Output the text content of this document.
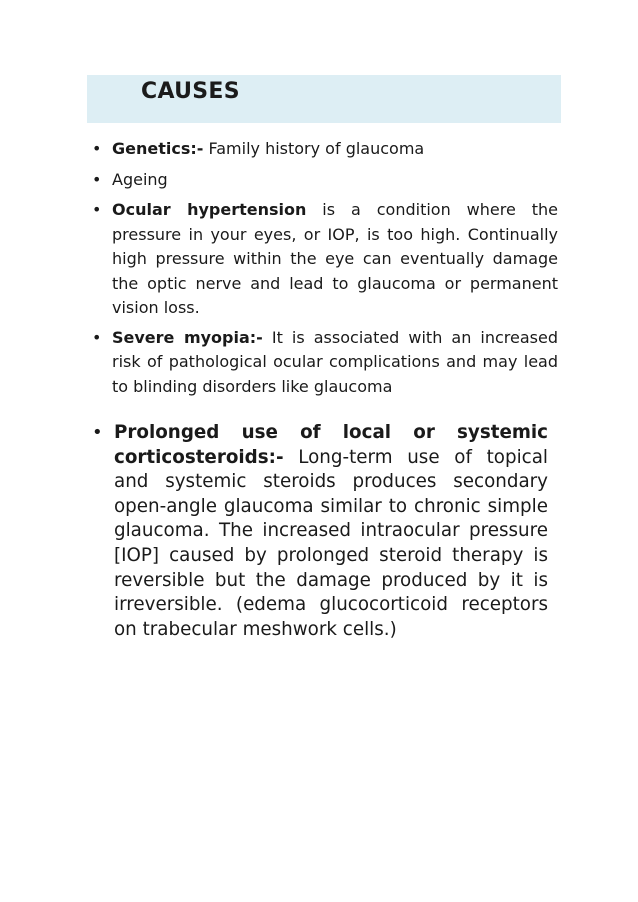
CAUSES
• Genetics:- Family history of glaucoma
• Ageing
• Ocular hypertension is a condition where the pressure in your eyes, or IOP, is too high. Continually high pressure within the eye can eventually damage the optic nerve and lead to glaucoma or permanent vision loss.
• Severe myopia:- It is associated with an increased risk of pathological ocular complications and may lead to blinding disorders like glaucoma
• Prolonged use of local or systemic corticosteroids:- Long-term use of topical and systemic steroids produces secondary open-angle glaucoma similar to chronic simple glaucoma. The increased intraocular pressure [IOP] caused by prolonged steroid therapy is reversible but the damage produced by it is irreversible. (edema glucocorticoid receptors on trabecular meshwork cells.)
